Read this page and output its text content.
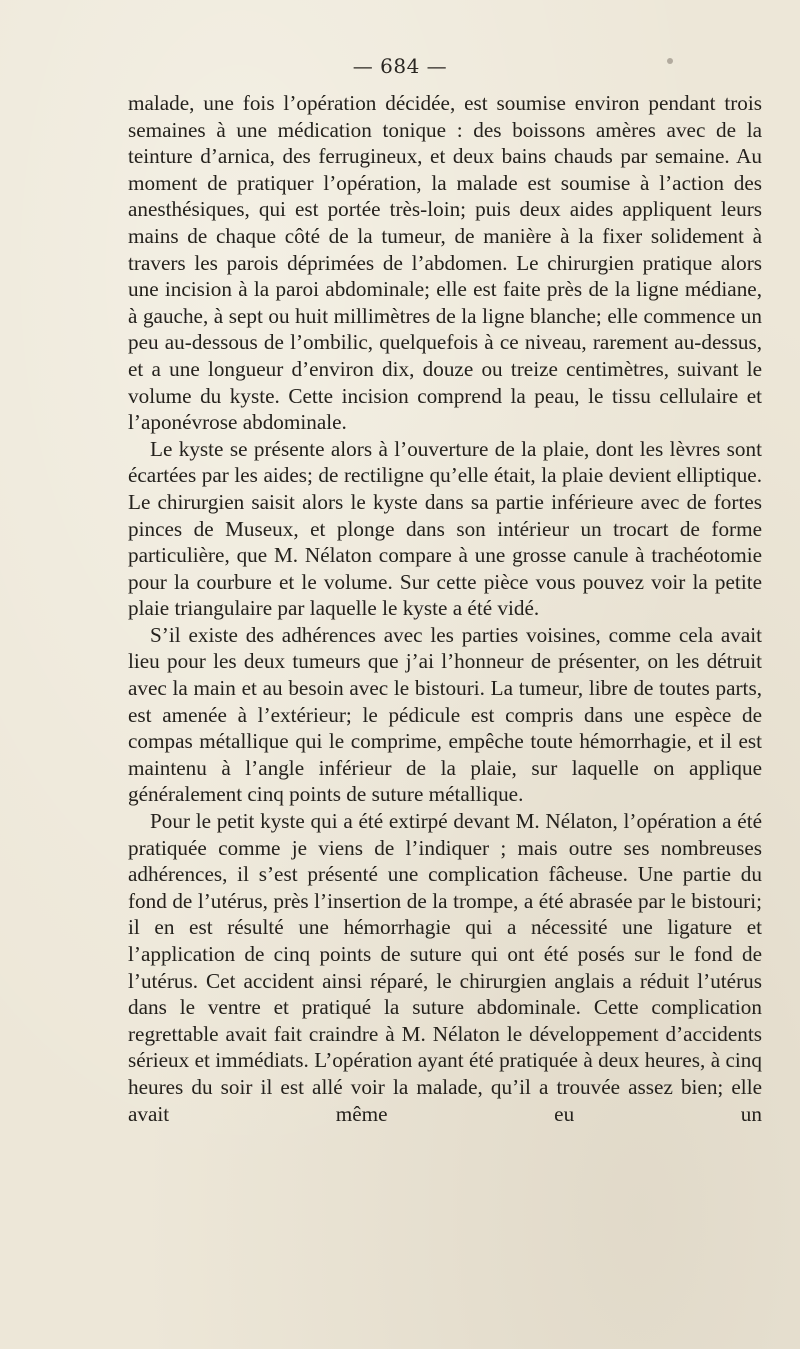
— 684 —

malade, une fois l’opération décidée, est soumise environ pendant trois semaines à une médication tonique : des boissons amères avec de la teinture d’arnica, des ferrugineux, et deux bains chauds par semaine. Au moment de pratiquer l’opération, la malade est soumise à l’action des anesthésiques, qui est portée très-loin; puis deux aides appliquent leurs mains de chaque côté de la tumeur, de manière à la fixer solidement à travers les parois déprimées de l’abdomen. Le chirurgien pratique alors une incision à la paroi abdominale; elle est faite près de la ligne médiane, à gauche, à sept ou huit millimètres de la ligne blanche; elle commence un peu au-dessous de l’ombilic, quelquefois à ce niveau, rarement au-dessus, et a une longueur d’environ dix, douze ou treize centimètres, suivant le volume du kyste. Cette incision comprend la peau, le tissu cellulaire et l’aponévrose abdominale.

Le kyste se présente alors à l’ouverture de la plaie, dont les lèvres sont écartées par les aides; de rectiligne qu’elle était, la plaie devient elliptique. Le chirurgien saisit alors le kyste dans sa partie inférieure avec de fortes pinces de Museux, et plonge dans son intérieur un trocart de forme particulière, que M. Nélaton compare à une grosse canule à trachéotomie pour la courbure et le volume. Sur cette pièce vous pouvez voir la petite plaie triangulaire par laquelle le kyste a été vidé.

S’il existe des adhérences avec les parties voisines, comme cela avait lieu pour les deux tumeurs que j’ai l’honneur de présenter, on les détruit avec la main et au besoin avec le bistouri. La tumeur, libre de toutes parts, est amenée à l’extérieur; le pédicule est compris dans une espèce de compas métallique qui le comprime, empêche toute hémorrhagie, et il est maintenu à l’angle inférieur de la plaie, sur laquelle on applique généralement cinq points de suture métallique.

Pour le petit kyste qui a été extirpé devant M. Nélaton, l’opération a été pratiquée comme je viens de l’indiquer ; mais outre ses nombreuses adhérences, il s’est présenté une complication fâcheuse. Une partie du fond de l’utérus, près l’insertion de la trompe, a été abrasée par le bistouri; il en est résulté une hémorrhagie qui a nécessité une ligature et l’application de cinq points de suture qui ont été posés sur le fond de l’utérus. Cet accident ainsi réparé, le chirurgien anglais a réduit l’utérus dans le ventre et pratiqué la suture abdominale. Cette complication regrettable avait fait craindre à M. Nélaton le développement d’accidents sérieux et immédiats. L’opération ayant été pratiquée à deux heures, à cinq heures du soir il est allé voir la malade, qu’il a trouvée assez bien; elle avait même eu un
